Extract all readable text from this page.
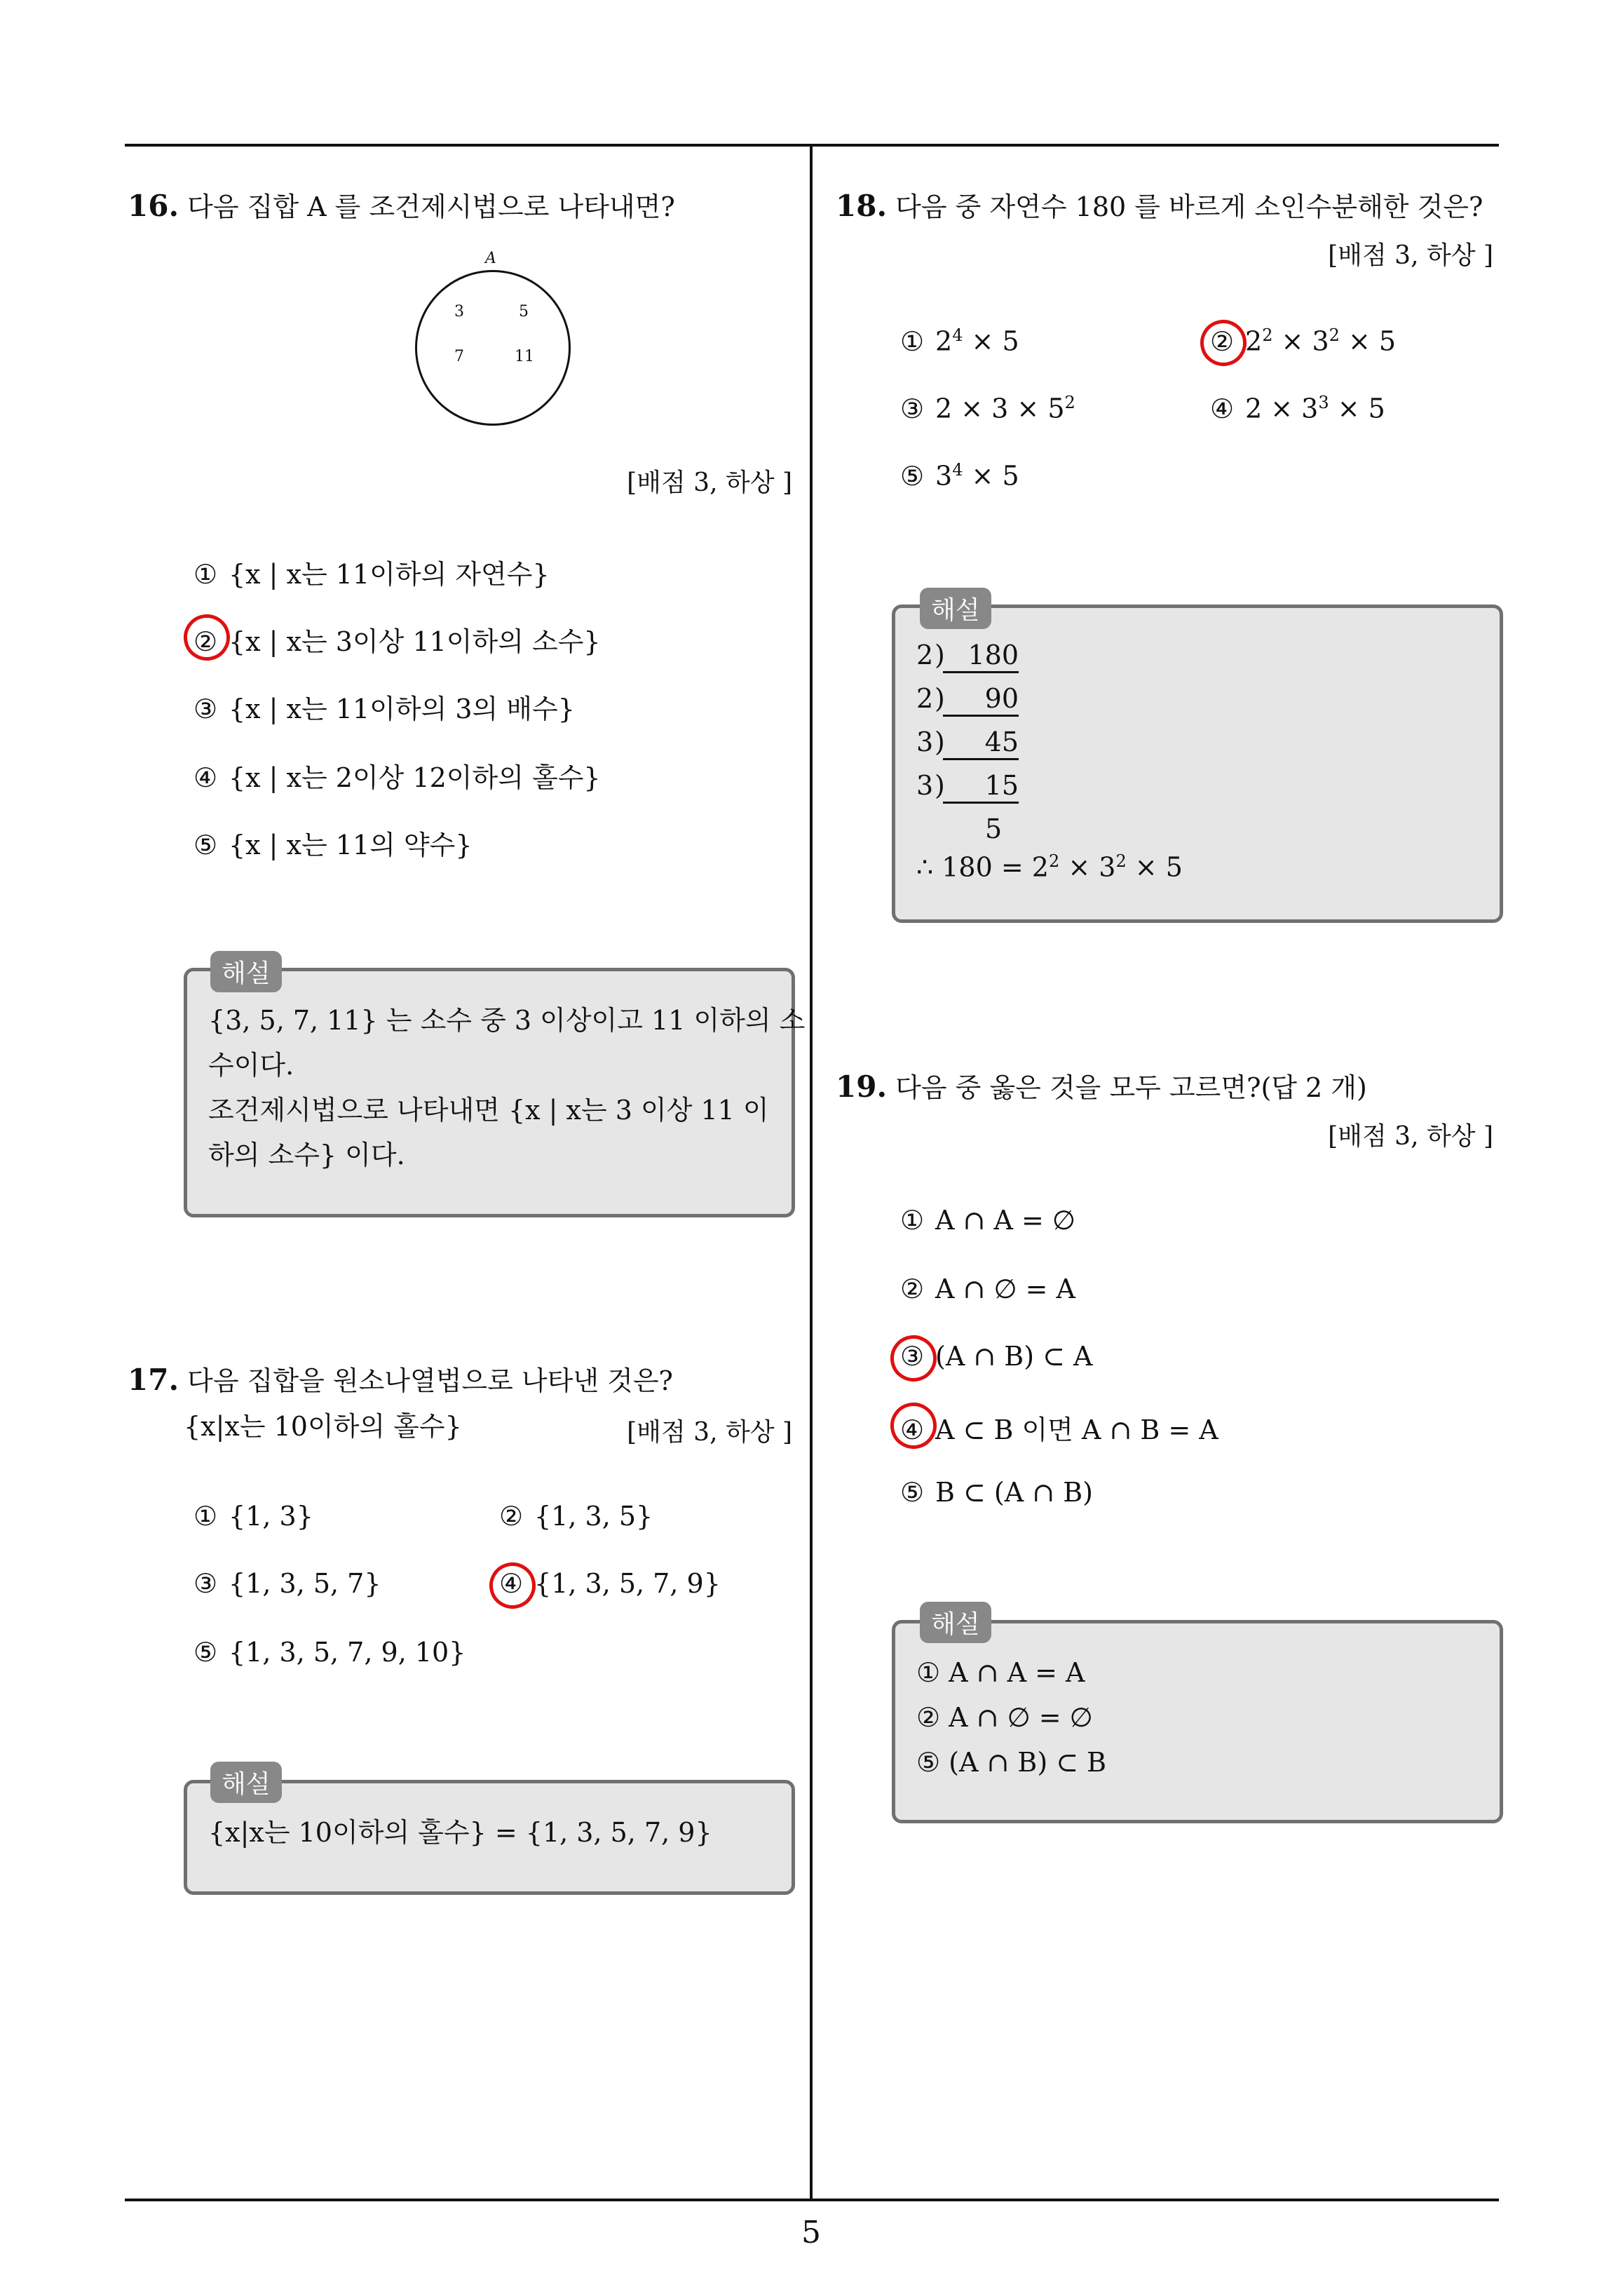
16. 다음 집합 A 를 조건제시법으로 나타내면?
A
3	5
7	11
[배점 3, 하상 ]
① {x | x는 11이하의 자연수}
② {x | x는 3이상 11이하의 소수}
③ {x | x는 11이하의 3의 배수}
④ {x | x는 2이상 12이하의 홀수}
⑤ {x | x는 11의 약수}
{3, 5, 7, 11} 는 소수 중 3 이상이고 11 이하의 소
수이다.
조건제시법으로 나타내면 {x | x는 3 이상 11 이
하의 소수} 이다.
해설
17. 다음 집합을 원소나열법으로 나타낸 것은?
{x|x는 10이하의 홀수}	[배점 3, 하상 ]
① {1, 3}	② {1, 3, 5}
③ {1, 3, 5, 7}	④ {1, 3, 5, 7, 9}
⑤ {1, 3, 5, 7, 9, 10}
{x|x는 10이하의 홀수} = {1, 3, 5, 7, 9}
해설
18. 다음 중 자연수 180 를 바르게 소인수분해한 것은?
[배점 3, 하상 ]
① $2^4 \times 5$	② $2^2 \times 3^2 \times 5$
③ $2 \times 3 \times 5^2$	④ $2 \times 3^3 \times 5$
⑤ $3^4 \times 5$
2) 180
2) 90
3) 45
3) 15
5
∴ $180 = 2^2 \times 3^2 \times 5$
해설
19. 다음 중 옳은 것을 모두 고르면?(답 2 개)
[배점 3, 하상 ]
① A ∩ A = ∅
② A ∩ ∅ = A
③ (A ∩ B) ⊂ A
④ A ⊂ B 이면 A ∩ B = A
⑤ B ⊂ (A ∩ B)
① A ∩ A = A
② A ∩ ∅ = ∅
⑤ (A ∩ B) ⊂ B
해설
5
